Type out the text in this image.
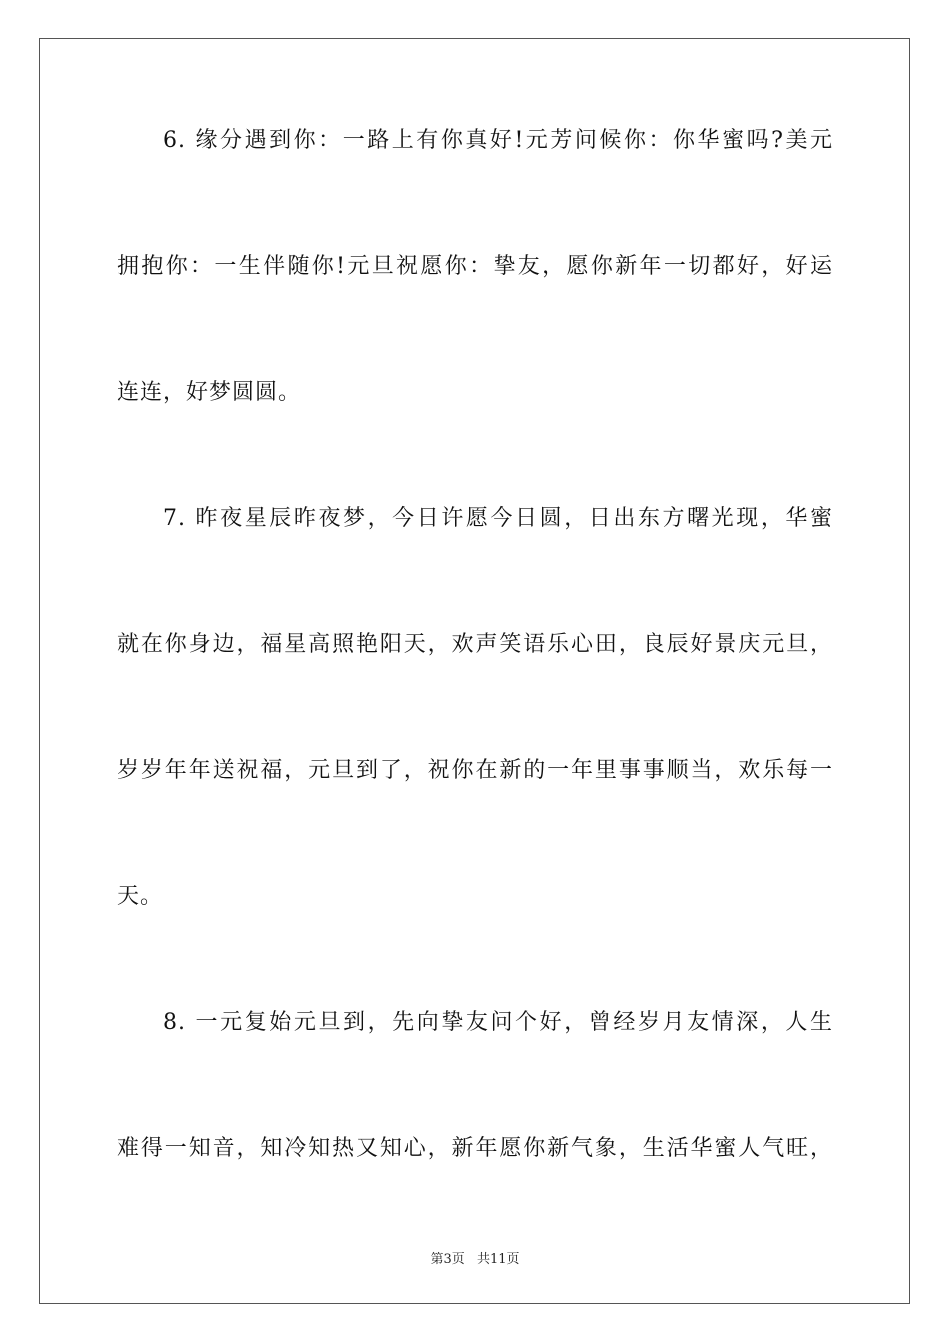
6. 缘分遇到你：一路上有你真好!元芳问候你：你华蜜吗?美元

拥抱你：一生伴随你!元旦祝愿你：挚友，愿你新年一切都好，好运

连连，好梦圆圆。

7. 昨夜星辰昨夜梦，今日许愿今日圆，日出东方曙光现，华蜜

就在你身边，福星高照艳阳天，欢声笑语乐心田，良辰好景庆元旦，

岁岁年年送祝福，元旦到了，祝你在新的一年里事事顺当，欢乐每一

天。

8. 一元复始元旦到，先向挚友问个好，曾经岁月友情深，人生

难得一知音，知冷知热又知心，新年愿你新气象，生活华蜜人气旺，

第3页 共11页
